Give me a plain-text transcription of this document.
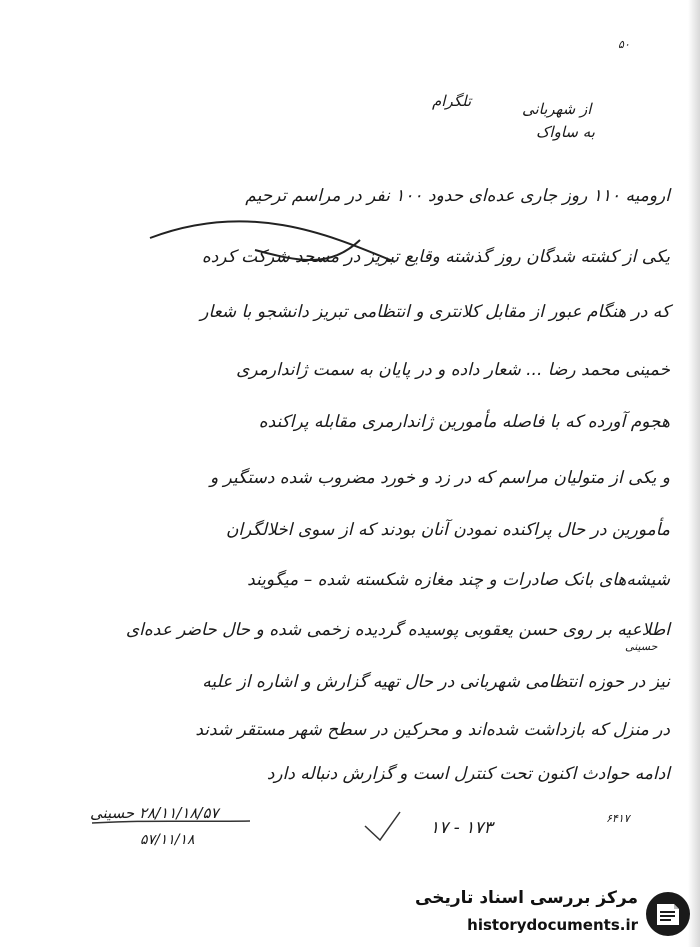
۵۰
تلگرام	از شهربانی
به ساواک
ارومیه ۱۱۰ روز جاری عده‌ای حدود ۱۰۰ نفر در مراسم ترحیم
یکی از کشته شدگان روز گذشته وقایع تبریز در مسجد شرکت کرده
که در هنگام عبور از مقابل کلانتری و انتظامی تبریز دانشجو با شعار
خمینی محمد رضا ... شعار داده و در پایان به سمت ژاندارمری
هجوم آورده که با فاصله مأمورین ژاندارمری مقابله پراکنده
و یکی از متولیان مراسم که در زد و خورد مضروب شده دستگیر و
مأمورین در حال پراکنده نمودن آنان بودند که از سوی اخلالگران
شیشه‌های بانک صادرات و چند مغازه شکسته شده – میگویند
اطلاعیه بر روی حسن یعقوبی پوسیده گردیده زخمی شده و حال حاضر عده‌ای
نیز در حوزه انتظامی شهربانی در حال تهیه گزارش و اشاره از علیه
در منزل که بازداشت شده‌اند و محرکین در سطح شهر مستقر شدند
ادامه حوادث اکنون تحت کنترل است و گزارش دنباله دارد
حسینی
۶۴۱۷
۲۸/۱۱/۱۸/۵۷ حسینی
۵۷/۱۱/۱۸
۱۷۳ - ۱۷
مرکز بررسی اسناد تاریخی
historydocuments.ir
